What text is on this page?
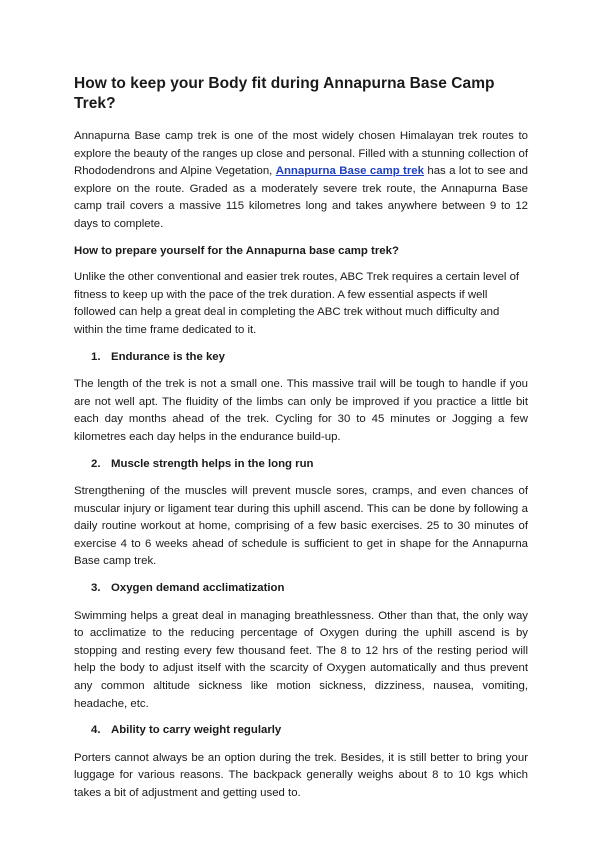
How to keep your Body fit during Annapurna Base Camp Trek?

Annapurna Base camp trek is one of the most widely chosen Himalayan trek routes to explore the beauty of the ranges up close and personal. Filled with a stunning collection of Rhododendrons and Alpine Vegetation, Annapurna Base camp trek has a lot to see and explore on the route. Graded as a moderately severe trek route, the Annapurna Base camp trail covers a massive 115 kilometres long and takes anywhere between 9 to 12 days to complete.

How to prepare yourself for the Annapurna base camp trek?

Unlike the other conventional and easier trek routes, ABC Trek requires a certain level of fitness to keep up with the pace of the trek duration. A few essential aspects if well followed can help a great deal in completing the ABC trek without much difficulty and within the time frame dedicated to it.

1. Endurance is the key

The length of the trek is not a small one. This massive trail will be tough to handle if you are not well apt. The fluidity of the limbs can only be improved if you practice a little bit each day months ahead of the trek. Cycling for 30 to 45 minutes or Jogging a few kilometres each day helps in the endurance build-up.

2. Muscle strength helps in the long run

Strengthening of the muscles will prevent muscle sores, cramps, and even chances of muscular injury or ligament tear during this uphill ascend. This can be done by following a daily routine workout at home, comprising of a few basic exercises. 25 to 30 minutes of exercise 4 to 6 weeks ahead of schedule is sufficient to get in shape for the Annapurna Base camp trek.

3. Oxygen demand acclimatization

Swimming helps a great deal in managing breathlessness. Other than that, the only way to acclimatize to the reducing percentage of Oxygen during the uphill ascend is by stopping and resting every few thousand feet. The 8 to 12 hrs of the resting period will help the body to adjust itself with the scarcity of Oxygen automatically and thus prevent any common altitude sickness like motion sickness, dizziness, nausea, vomiting, headache, etc.

4. Ability to carry weight regularly

Porters cannot always be an option during the trek. Besides, it is still better to bring your luggage for various reasons. The backpack generally weighs about 8 to 10 kgs which takes a bit of adjustment and getting used to.
